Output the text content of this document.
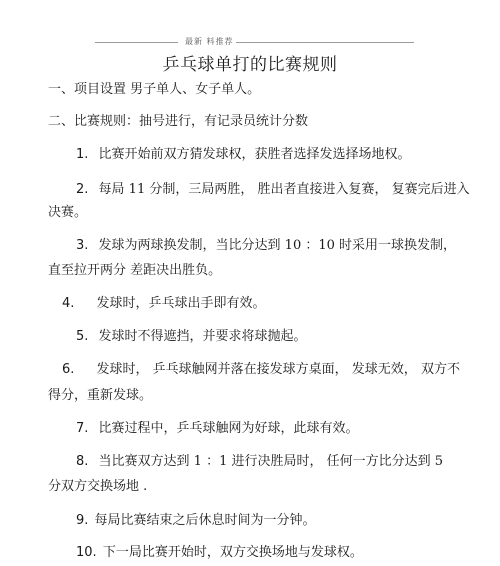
最新 料推荐
乒乓球单打的比赛规则
一、项目设置 男子单人、女子单人。
二、比赛规则：抽号进行，有记录员统计分数
1. 比赛开始前双方猜发球权，获胜者选择发选择场地权。
2. 每局 11 分制，三局两胜， 胜出者直接进入复赛， 复赛完后进入
决赛。
3. 发球为两球换发制，当比分达到 10 ：10 时采用一球换发制，
直至拉开两分 差距决出胜负。
4. 发球时，乒乓球出手即有效。
5. 发球时不得遮挡，并要求将球抛起。
6. 发球时， 乒乓球触网并落在接发球方桌面， 发球无效， 双方不
得分，重新发球。
7. 比赛过程中，乒乓球触网为好球，此球有效。
8. 当比赛双方达到 1 ：1 进行决胜局时， 任何一方比分达到 5
分双方交换场地 .
9. 每局比赛结束之后休息时间为一分钟。
10. 下一局比赛开始时，双方交换场地与发球权。
